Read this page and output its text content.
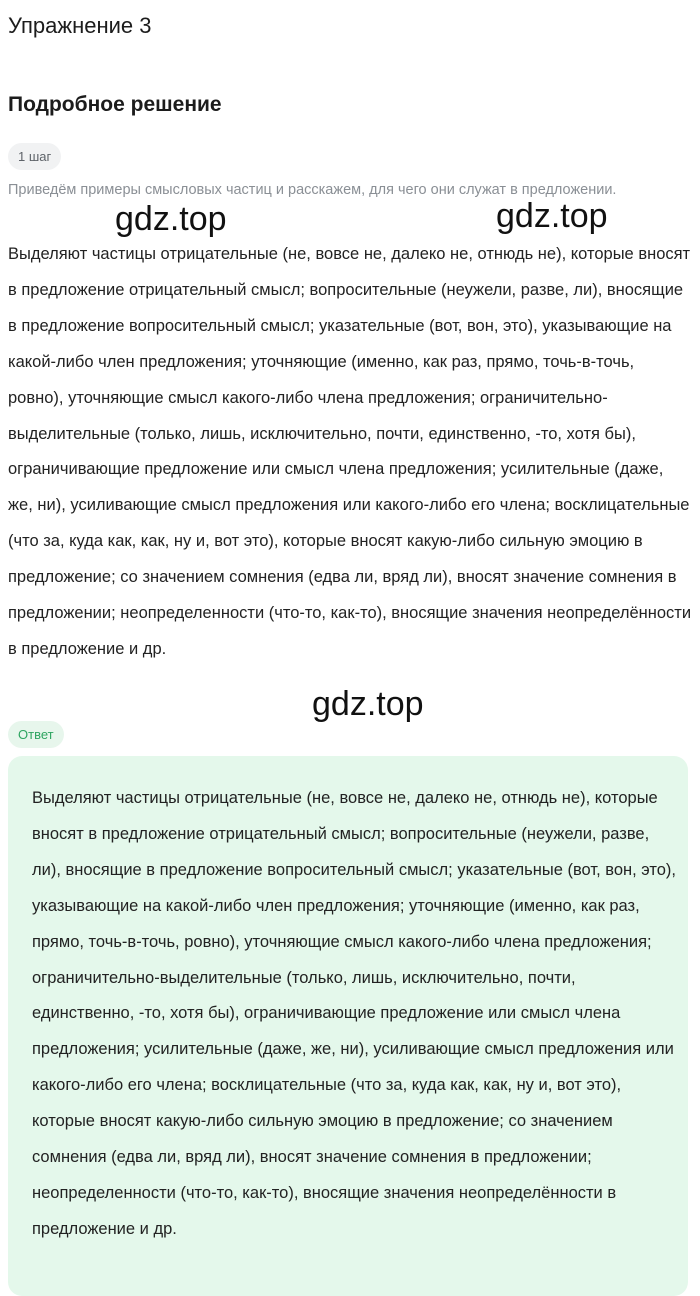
Упражнение 3
Подробное решение
1 шаг
Приведём примеры смысловых частиц и расскажем, для чего они служат в предложении.
Выделяют частицы отрицательные (не, вовсе не, далеко не, отнюдь не), которые вносят в предложение отрицательный смысл; вопросительные (неужели, разве, ли), вносящие в предложение вопросительный смысл; указательные (вот, вон, это), указывающие на какой-либо член предложения; уточняющие (именно, как раз, прямо, точь-в-точь, ровно), уточняющие смысл какого-либо члена предложения; ограничительно-выделительные (только, лишь, исключительно, почти, единственно, -то, хотя бы), ограничивающие предложение или смысл члена предложения; усилительные (даже, же, ни), усиливающие смысл предложения или какого-либо его члена; восклицательные (что за, куда как, как, ну и, вот это), которые вносят какую-либо сильную эмоцию в предложение; со значением сомнения (едва ли, вряд ли), вносят значение сомнения в предложении; неопределенности (что-то, как-то), вносящие значения неопределённости в предложение и др.
Ответ
Выделяют частицы отрицательные (не, вовсе не, далеко не, отнюдь не), которые вносят в предложение отрицательный смысл; вопросительные (неужели, разве, ли), вносящие в предложение вопросительный смысл; указательные (вот, вон, это), указывающие на какой-либо член предложения; уточняющие (именно, как раз, прямо, точь-в-точь, ровно), уточняющие смысл какого-либо члена предложения; ограничительно-выделительные (только, лишь, исключительно, почти, единственно, -то, хотя бы), ограничивающие предложение или смысл члена предложения; усилительные (даже, же, ни), усиливающие смысл предложения или какого-либо его члена; восклицательные (что за, куда как, как, ну и, вот это), которые вносят какую-либо сильную эмоцию в предложение; со значением сомнения (едва ли, вряд ли), вносят значение сомнения в предложении; неопределенности (что-то, как-то), вносящие значения неопределённости в предложение и др.
gdz.top	gdz.top
gdz.top
